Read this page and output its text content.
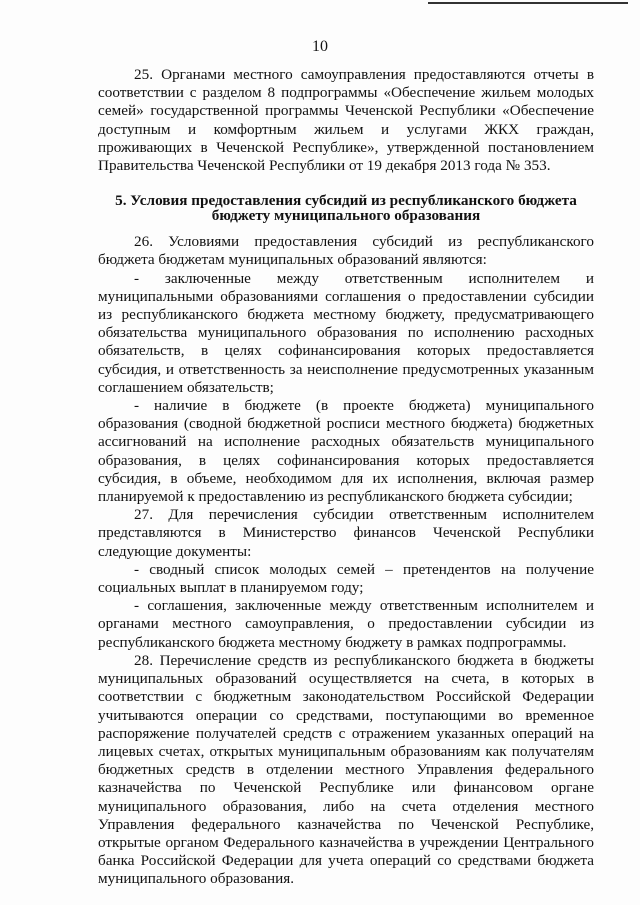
10

25. Органами местного самоуправления предоставляются отчеты в соответствии с разделом 8 подпрограммы «Обеспечение жильем молодых семей» государственной программы Чеченской Республики «Обеспечение доступным и комфортным жильем и услугами ЖКХ граждан, проживающих в Чеченской Республике», утвержденной постановлением Правительства Чеченской Республики от 19 декабря 2013 года № 353.

5. Условия предоставления субсидий из республиканского бюджета
бюджету муниципального образования

26. Условиями предоставления субсидий из республиканского бюджета бюджетам муниципальных образований являются:

- заключенные между ответственным исполнителем и муниципальными образованиями соглашения о предоставлении субсидии из республиканского бюджета местному бюджету, предусматривающего обязательства муниципального образования по исполнению расходных обязательств, в целях софинансирования которых предоставляется субсидия, и ответственность за неисполнение предусмотренных указанным соглашением обязательств;

- наличие в бюджете (в проекте бюджета) муниципального образования (сводной бюджетной росписи местного бюджета) бюджетных ассигнований на исполнение расходных обязательств муниципального образования, в целях софинансирования которых предоставляется субсидия, в объеме, необходимом для их исполнения, включая размер планируемой к предоставлению из республиканского бюджета субсидии;

27. Для перечисления субсидии ответственным исполнителем представляются в Министерство финансов Чеченской Республики следующие документы:

- сводный список молодых семей – претендентов на получение социальных выплат в планируемом году;

- соглашения, заключенные между ответственным исполнителем и органами местного самоуправления, о предоставлении субсидии из республиканского бюджета местному бюджету в рамках подпрограммы.

28. Перечисление средств из республиканского бюджета в бюджеты муниципальных образований осуществляется на счета, в которых в соответствии с бюджетным законодательством Российской Федерации учитываются операции со средствами, поступающими во временное распоряжение получателей средств с отражением указанных операций на лицевых счетах, открытых муниципальным образованиям как получателям бюджетных средств в отделении местного Управления федерального казначейства по Чеченской Республике или финансовом органе муниципального образования, либо на счета отделения местного Управления федерального казначейства по Чеченской Республике, открытые органом Федерального казначейства в учреждении Центрального банка Российской Федерации для учета операций со средствами бюджета муниципального образования.
